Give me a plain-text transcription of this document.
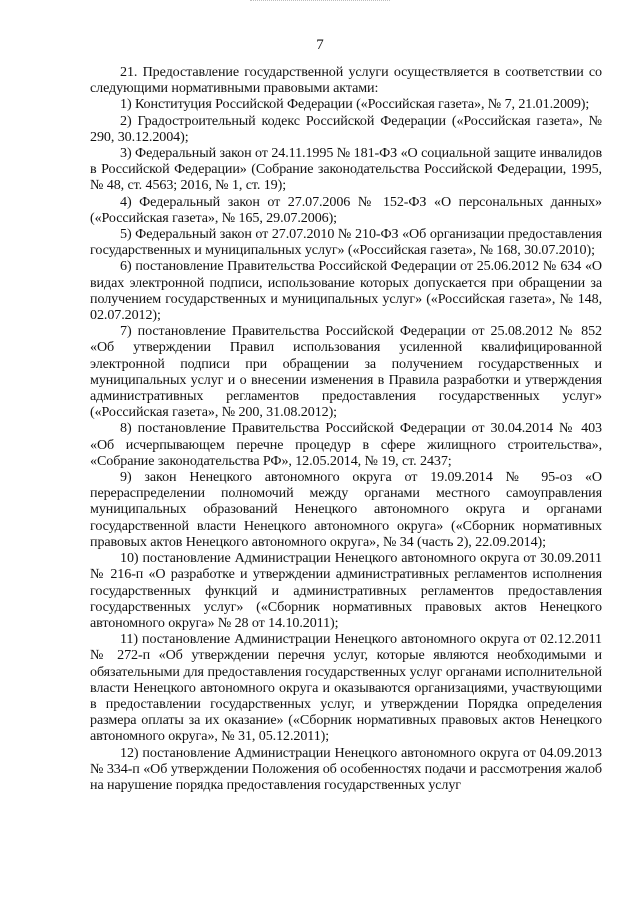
7

21. Предоставление государственной услуги осуществляется в соответствии со следующими нормативными правовыми актами:

1) Конституция Российской Федерации («Российская газета», № 7, 21.01.2009);

2) Градостроительный кодекс Российской Федерации («Российская газета», № 290, 30.12.2004);

3) Федеральный закон от 24.11.1995 № 181-ФЗ «О социальной защите инвалидов в Российской Федерации» (Собрание законодательства Российской Федерации, 1995, № 48, ст. 4563; 2016, № 1, ст. 19);

4) Федеральный закон от 27.07.2006 № 152-ФЗ «О персональных данных» («Российская газета», № 165, 29.07.2006);

5) Федеральный закон от 27.07.2010 № 210-ФЗ «Об организации предоставления государственных и муниципальных услуг» («Российская газета», № 168, 30.07.2010);

6) постановление Правительства Российской Федерации от 25.06.2012 № 634 «О видах электронной подписи, использование которых допускается при обращении за получением государственных и муниципальных услуг» («Российская газета», № 148, 02.07.2012);

7) постановление Правительства Российской Федерации от 25.08.2012 № 852 «Об утверждении Правил использования усиленной квалифицированной электронной подписи при обращении за получением государственных и муниципальных услуг и о внесении изменения в Правила разработки и утверждения административных регламентов предоставления государственных услуг» («Российская газета», № 200, 31.08.2012);

8) постановление Правительства Российской Федерации от 30.04.2014 № 403 «Об исчерпывающем перечне процедур в сфере жилищного строительства», «Собрание законодательства РФ», 12.05.2014, № 19, ст. 2437;

9) закон Ненецкого автономного округа от 19.09.2014 № 95-оз «О перераспределении полномочий между органами местного самоуправления муниципальных образований Ненецкого автономного округа и органами государственной власти Ненецкого автономного округа» («Сборник нормативных правовых актов Ненецкого автономного округа», № 34 (часть 2), 22.09.2014);

10) постановление Администрации Ненецкого автономного округа от 30.09.2011 № 216-п «О разработке и утверждении административных регламентов исполнения государственных функций и административных регламентов предоставления государственных услуг» («Сборник нормативных правовых актов Ненецкого автономного округа» № 28 от 14.10.2011);

11) постановление Администрации Ненецкого автономного округа от 02.12.2011 № 272-п «Об утверждении перечня услуг, которые являются необходимыми и обязательными для предоставления государственных услуг органами исполнительной власти Ненецкого автономного округа и оказываются организациями, участвующими в предоставлении государственных услуг, и утверждении Порядка определения размера оплаты за их оказание» («Сборник нормативных правовых актов Ненецкого автономного округа», № 31, 05.12.2011);

12) постановление Администрации Ненецкого автономного округа от 04.09.2013 № 334-п «Об утверждении Положения об особенностях подачи и рассмотрения жалоб на нарушение порядка предоставления государственных услуг
